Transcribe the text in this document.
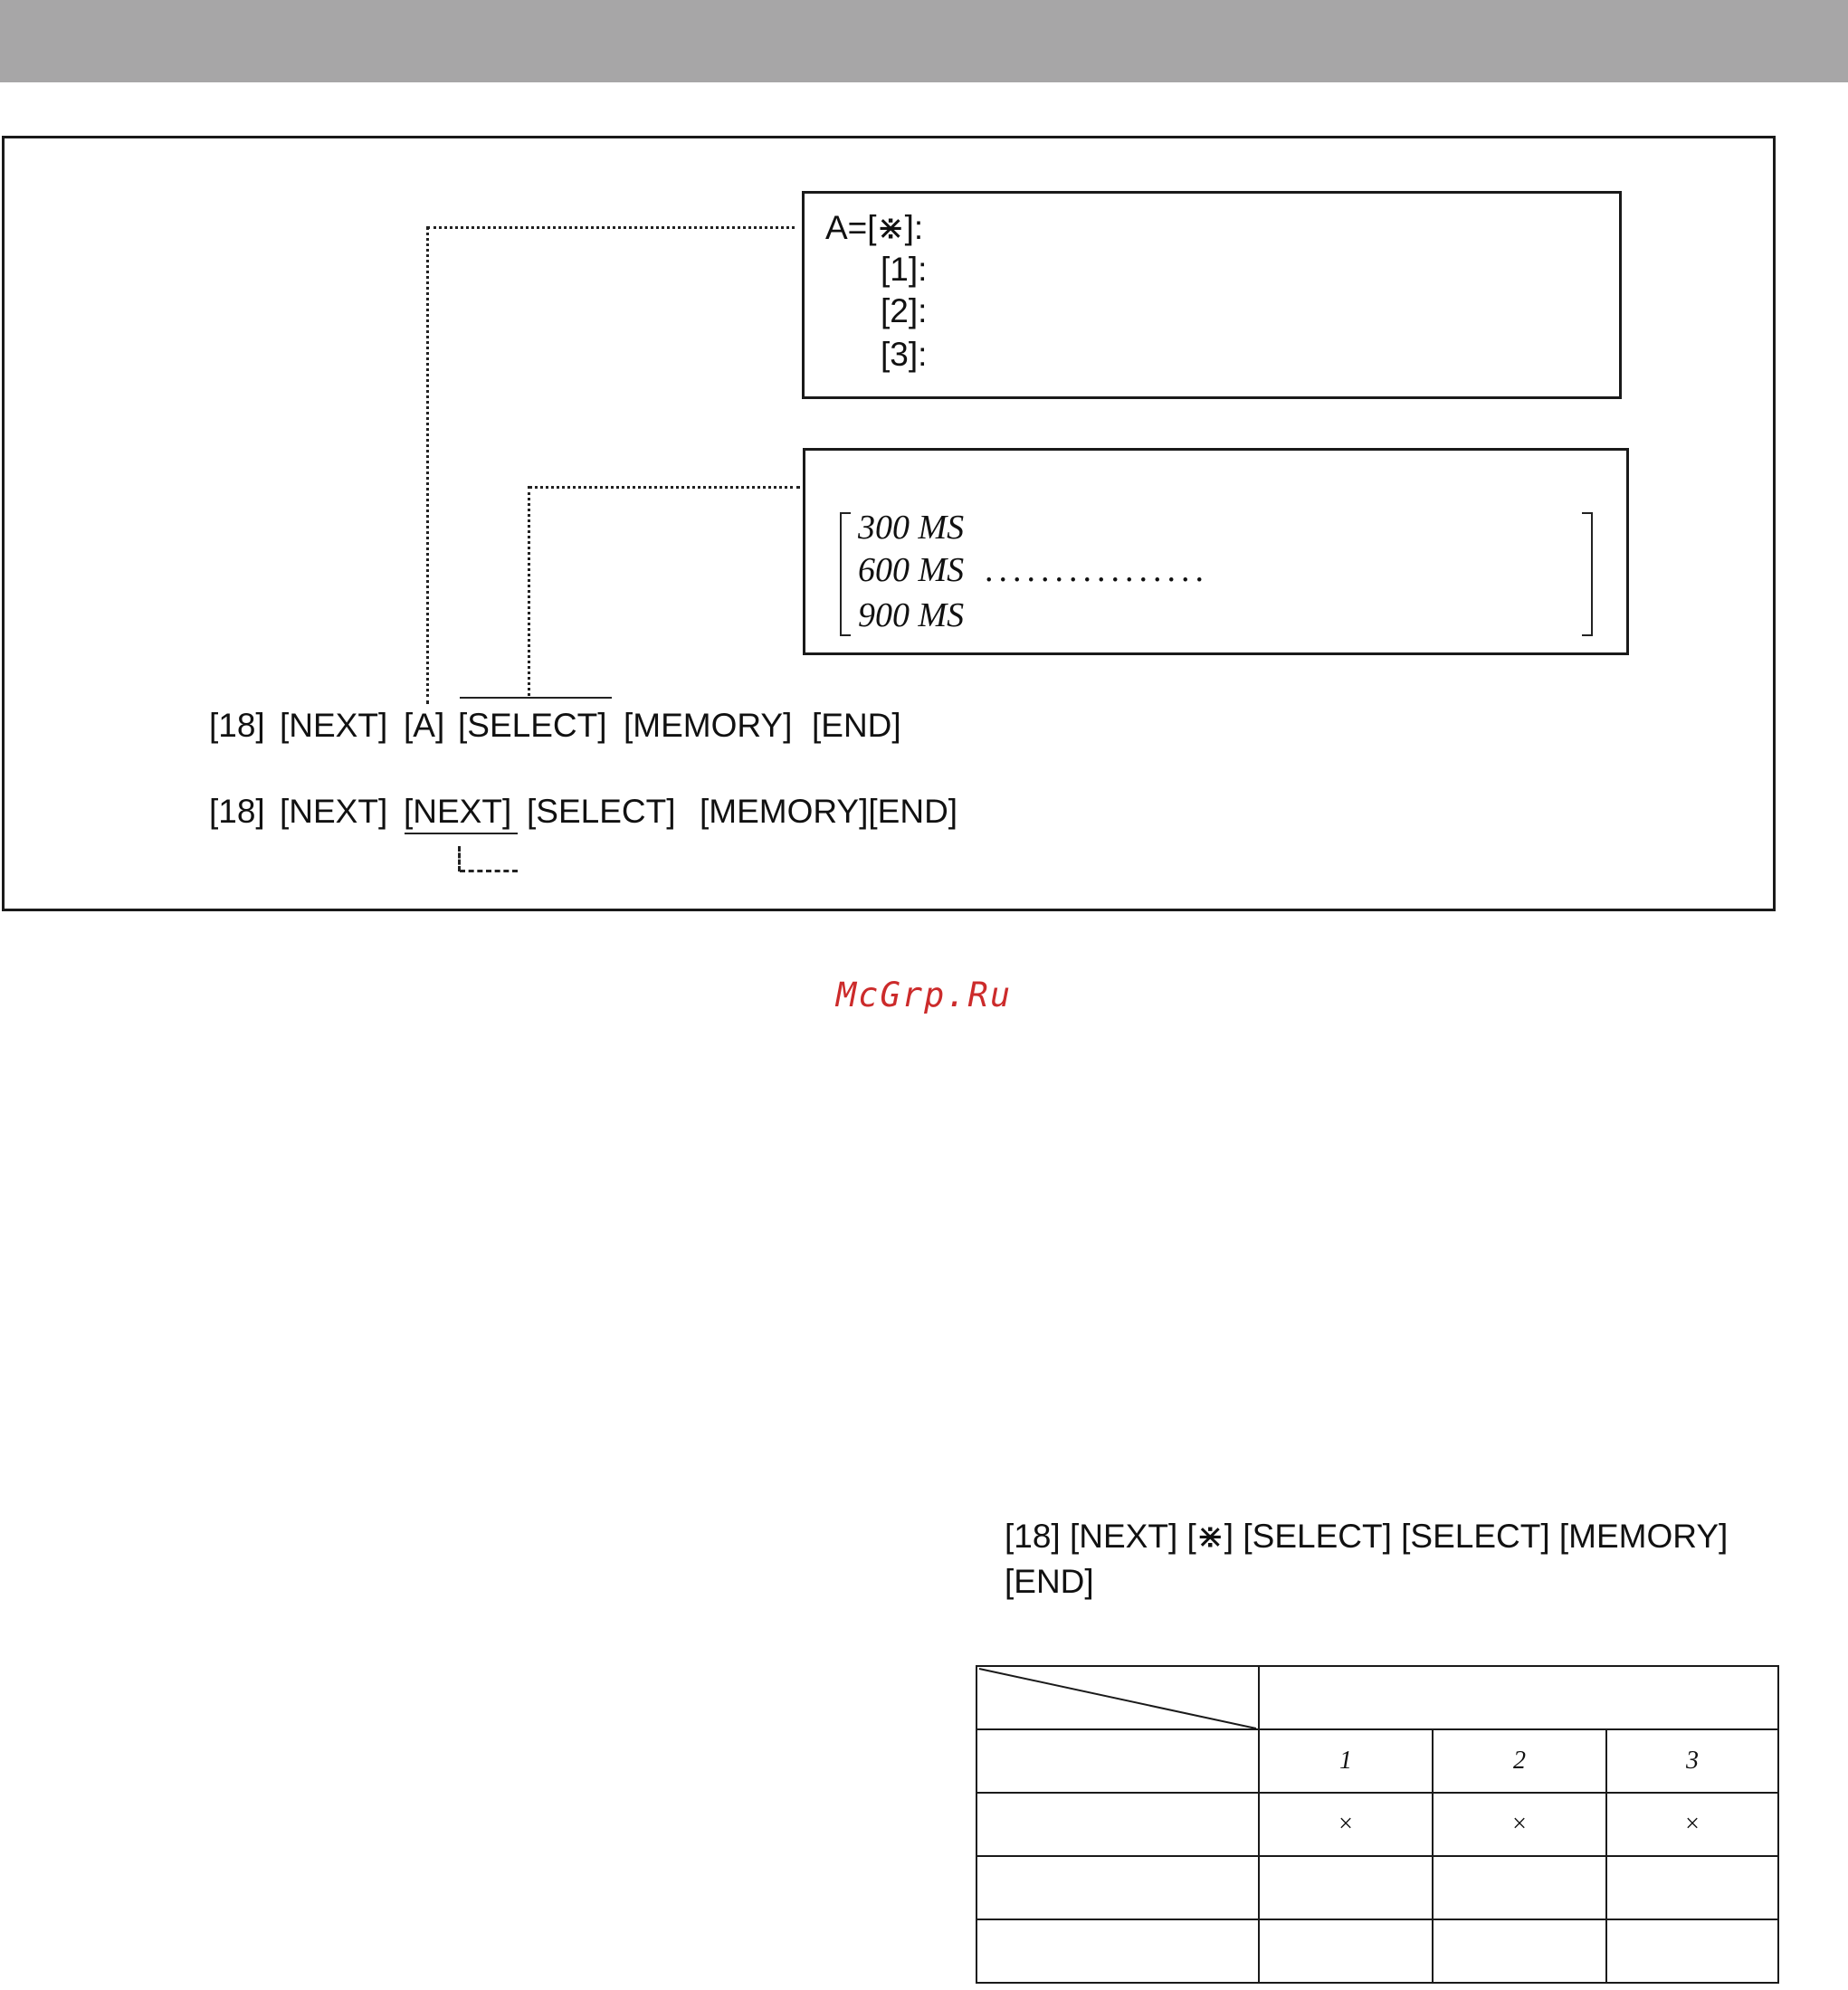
A=[⋇]:
[1]:
[2]:
[3]:
300 MS
600 MS ................
900 MS
[18] [NEXT] [A] [SELECT] [MEMORY] [END]
[18] [NEXT] [NEXT] [SELECT] [MEMORY][END]
McGrp.Ru
[18] [NEXT] [⋇] [SELECT] [SELECT] [MEMORY]
[END]

	1	2	3
	×	×	×
